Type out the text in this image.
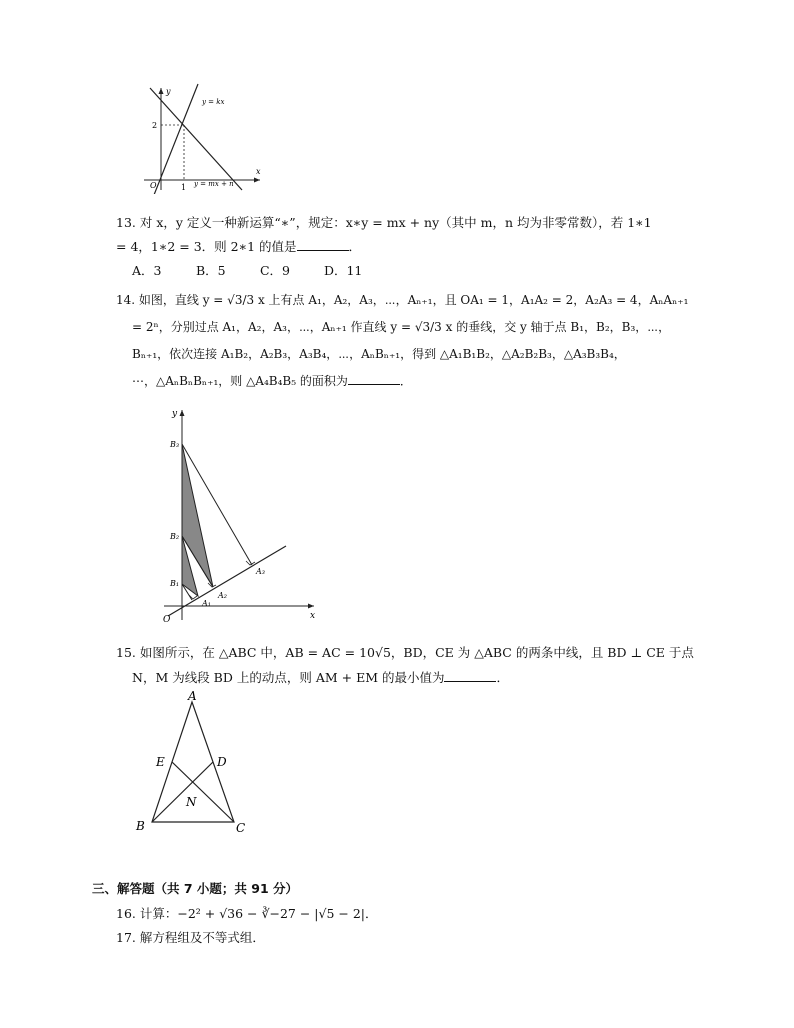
y
x
O
2
1
y = kx
y = mx + n
13. 对 x，y 定义一种新运算“∗”，规定：x∗y = mx + ny（其中 m，n 均为非零常数），若 1∗1
= 4，1∗2 = 3．则 2∗1 的值是	．
A．3	B．5	C．9	D．11
14. 如图，直线 y = √3/3 x 上有点 A₁，A₂，A₃，⋯，Aₙ₊₁，且 OA₁ = 1，A₁A₂ = 2，A₂A₃ = 4，AₙAₙ₊₁
= 2ⁿ，分别过点 A₁，A₂，A₃，⋯，Aₙ₊₁ 作直线 y = √3/3 x 的垂线，交 y 轴于点 B₁，B₂，B₃，⋯，
Bₙ₊₁，依次连接 A₁B₂，A₂B₃，A₃B₄，⋯，AₙBₙ₊₁，得到 △A₁B₁B₂，△A₂B₂B₃，△A₃B₃B₄，
⋯，△AₙBₙBₙ₊₁，则 △A₄B₄B₅ 的面积为	．
y
x
O
B₃
B₂
B₁
A₁
A₂
A₃
15. 如图所示，在 △ABC 中，AB = AC = 10√5，BD，CE 为 △ABC 的两条中线，且 BD ⊥ CE 于点
N，M 为线段 BD 上的动点，则 AM + EM 的最小值为	．
A
B	C
D
E
N
三、解答题（共 7 小题；共 91 分）
16. 计算：−2² + √36 − ∛−27 − |√5 − 2|．
17. 解方程组及不等式组．
